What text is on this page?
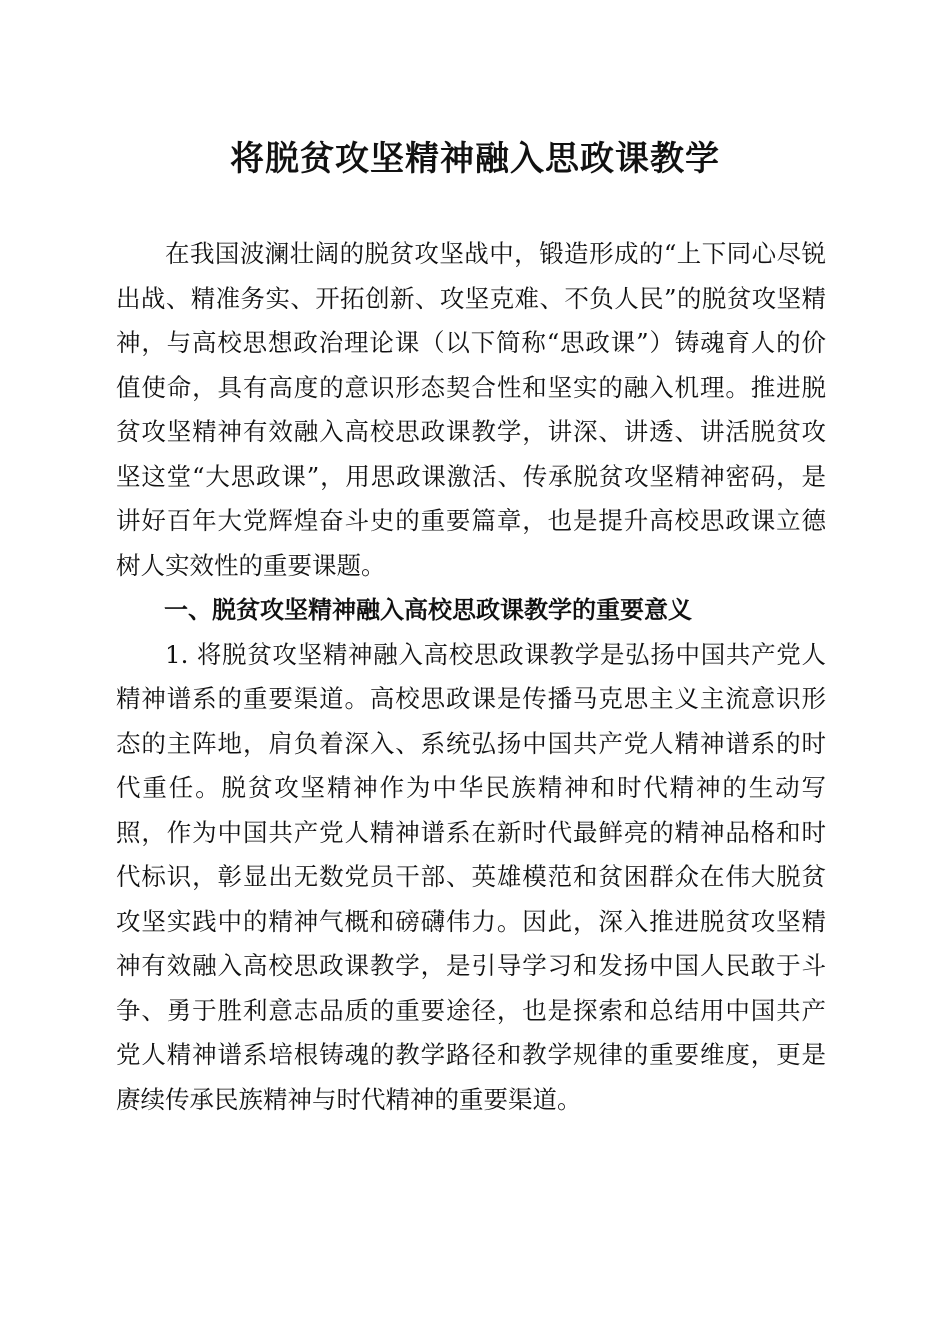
将脱贫攻坚精神融入思政课教学

在我国波澜壮阔的脱贫攻坚战中，锻造形成的“上下同心尽锐出战、精准务实、开拓创新、攻坚克难、不负人民”的脱贫攻坚精神，与高校思想政治理论课（以下简称“思政课”）铸魂育人的价值使命，具有高度的意识形态契合性和坚实的融入机理。推进脱贫攻坚精神有效融入高校思政课教学，讲深、讲透、讲活脱贫攻坚这堂“大思政课”，用思政课激活、传承脱贫攻坚精神密码，是讲好百年大党辉煌奋斗史的重要篇章，也是提升高校思政课立德树人实效性的重要课题。

一、脱贫攻坚精神融入高校思政课教学的重要意义

1. 将脱贫攻坚精神融入高校思政课教学是弘扬中国共产党人精神谱系的重要渠道。高校思政课是传播马克思主义主流意识形态的主阵地，肩负着深入、系统弘扬中国共产党人精神谱系的时代重任。脱贫攻坚精神作为中华民族精神和时代精神的生动写照，作为中国共产党人精神谱系在新时代最鲜亮的精神品格和时代标识，彰显出无数党员干部、英雄模范和贫困群众在伟大脱贫攻坚实践中的精神气概和磅礴伟力。因此，深入推进脱贫攻坚精神有效融入高校思政课教学，是引导学习和发扬中国人民敢于斗争、勇于胜利意志品质的重要途径，也是探索和总结用中国共产党人精神谱系培根铸魂的教学路径和教学规律的重要维度，更是赓续传承民族精神与时代精神的重要渠道。
